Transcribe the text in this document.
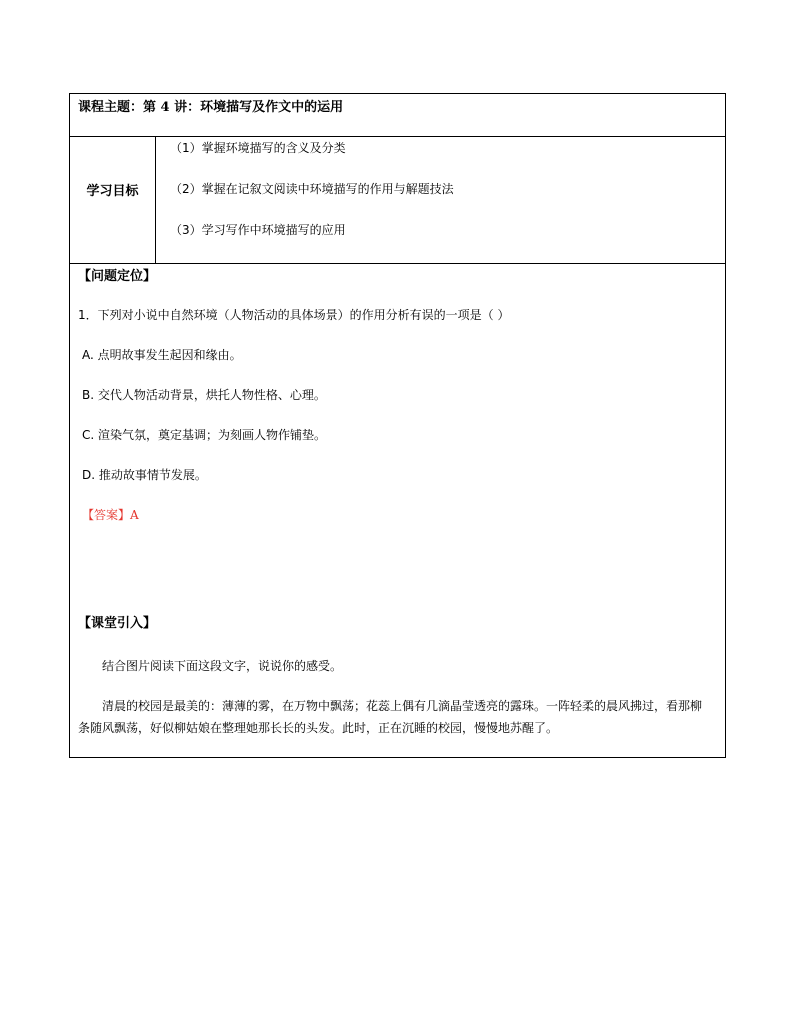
课程主题：第 4 讲：环境描写及作文中的运用
学习目标
（1）掌握环境描写的含义及分类
（2）掌握在记叙文阅读中环境描写的作用与解题技法
（3）学习写作中环境描写的应用
【问题定位】
1．下列对小说中自然环境（人物活动的具体场景）的作用分析有误的一项是（ ）
A. 点明故事发生起因和缘由。
B. 交代人物活动背景，烘托人物性格、心理。
C. 渲染气氛，奠定基调；为刻画人物作铺垫。
D. 推动故事情节发展。
【答案】A
【课堂引入】
结合图片阅读下面这段文字，说说你的感受。
清晨的校园是最美的：薄薄的雾，在万物中飘荡；花蕊上偶有几滴晶莹透亮的露珠。一阵轻柔的晨风拂过，看那柳条随风飘荡，好似柳姑娘在整理她那长长的头发。此时，正在沉睡的校园，慢慢地苏醒了。
